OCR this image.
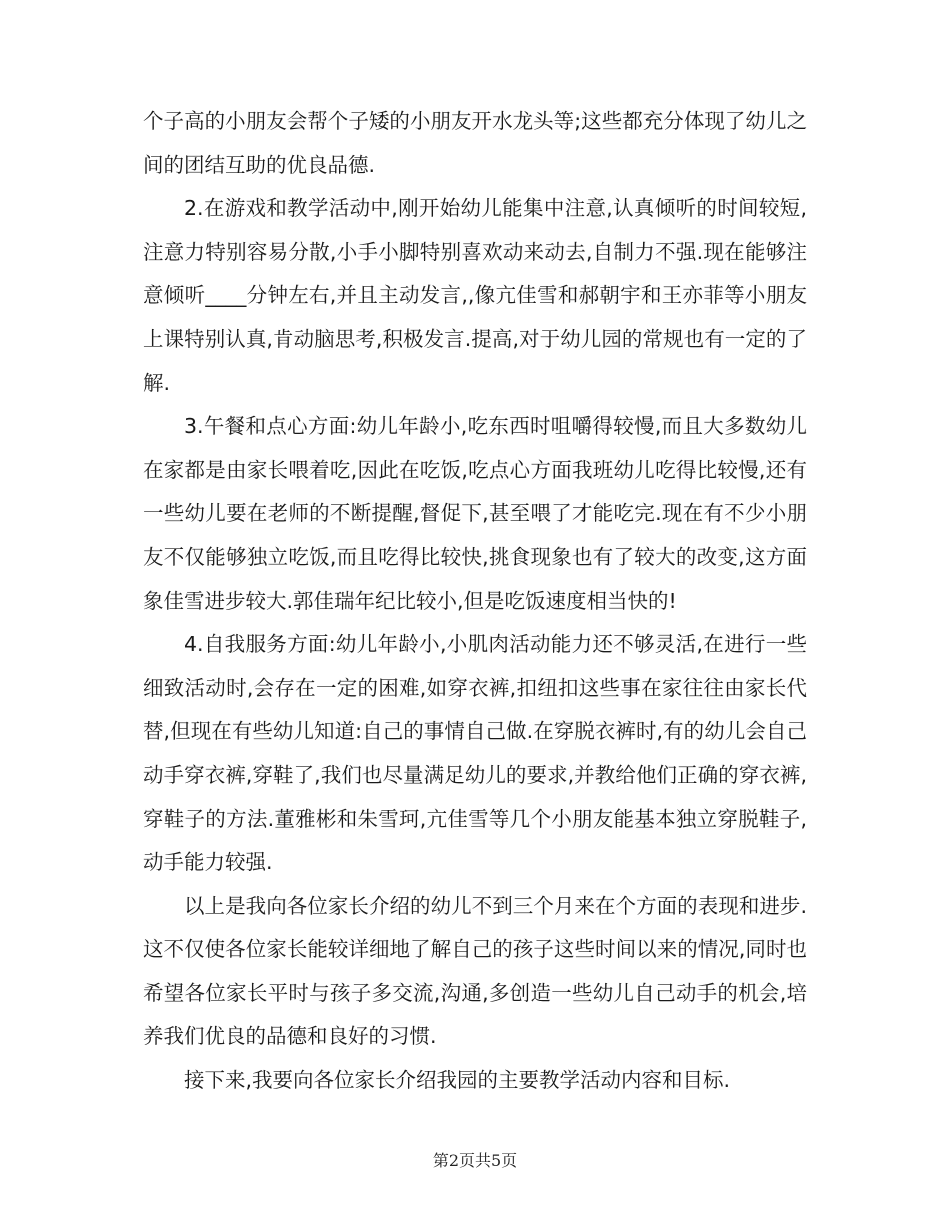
个子高的小朋友会帮个子矮的小朋友开水龙头等;这些都充分体现了幼儿之间的团结互助的优良品德.

2.在游戏和教学活动中,刚开始幼儿能集中注意,认真倾听的时间较短,注意力特别容易分散,小手小脚特别喜欢动来动去,自制力不强.现在能够注意倾听____分钟左右,并且主动发言,,像亢佳雪和郝朝宇和王亦菲等小朋友上课特别认真,肯动脑思考,积极发言.提高,对于幼儿园的常规也有一定的了解.

3.午餐和点心方面:幼儿年龄小,吃东西时咀嚼得较慢,而且大多数幼儿在家都是由家长喂着吃,因此在吃饭,吃点心方面我班幼儿吃得比较慢,还有一些幼儿要在老师的不断提醒,督促下,甚至喂了才能吃完.现在有不少小朋友不仅能够独立吃饭,而且吃得比较快,挑食现象也有了较大的改变,这方面象佳雪进步较大.郭佳瑞年纪比较小,但是吃饭速度相当快的!

4.自我服务方面:幼儿年龄小,小肌肉活动能力还不够灵活,在进行一些细致活动时,会存在一定的困难,如穿衣裤,扣纽扣这些事在家往往由家长代替,但现在有些幼儿知道:自己的事情自己做.在穿脱衣裤时,有的幼儿会自己动手穿衣裤,穿鞋了,我们也尽量满足幼儿的要求,并教给他们正确的穿衣裤,穿鞋子的方法.董雅彬和朱雪珂,亢佳雪等几个小朋友能基本独立穿脱鞋子,动手能力较强.

以上是我向各位家长介绍的幼儿不到三个月来在个方面的表现和进步.这不仅使各位家长能较详细地了解自己的孩子这些时间以来的情况,同时也希望各位家长平时与孩子多交流,沟通,多创造一些幼儿自己动手的机会,培养我们优良的品德和良好的习惯.

接下来,我要向各位家长介绍我园的主要教学活动内容和目标.

第2页共5页
